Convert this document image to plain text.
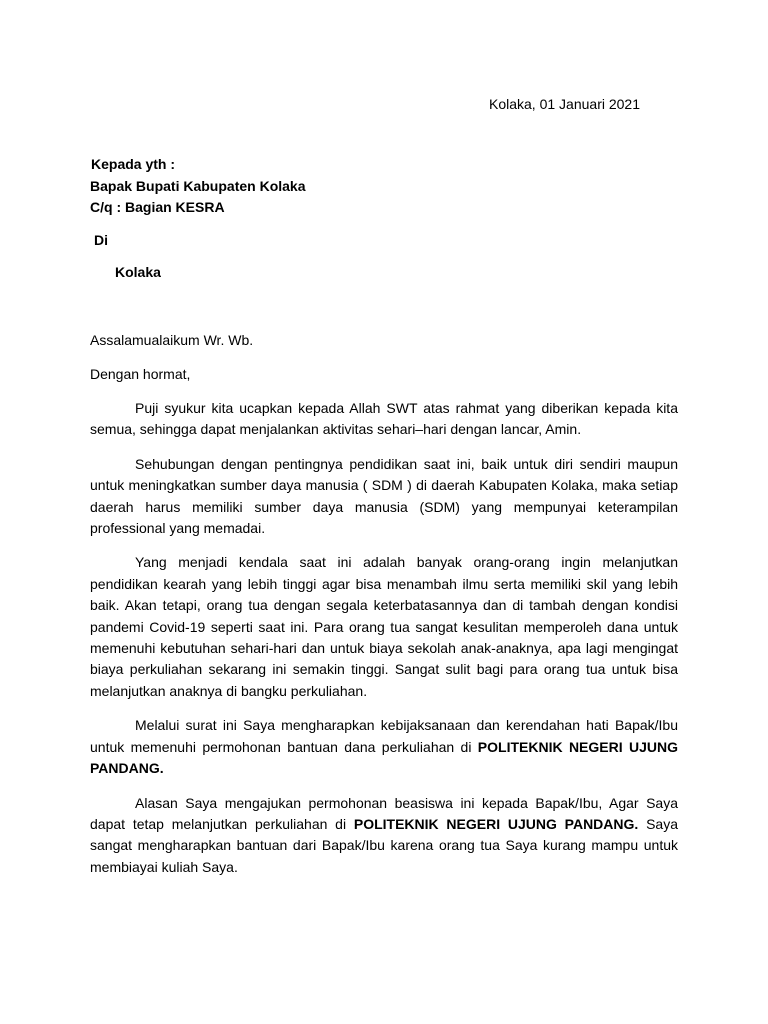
Kolaka, 01 Januari 2021
Kepada yth :
Bapak Bupati Kabupaten Kolaka
C/q : Bagian KESRA
Di
Kolaka
Assalamualaikum Wr. Wb.
Dengan hormat,

Puji syukur kita ucapkan kepada Allah SWT atas rahmat yang diberikan kepada kita semua, sehingga dapat menjalankan aktivitas sehari–hari dengan lancar, Amin.

Sehubungan dengan pentingnya pendidikan saat ini, baik untuk diri sendiri maupun untuk meningkatkan sumber daya manusia ( SDM ) di daerah Kabupaten Kolaka, maka setiap daerah harus memiliki sumber daya manusia (SDM) yang mempunyai keterampilan professional yang memadai.

Yang menjadi kendala saat ini adalah banyak orang-orang ingin melanjutkan pendidikan kearah yang lebih tinggi agar bisa menambah ilmu serta memiliki skil yang lebih baik. Akan tetapi, orang tua dengan segala keterbatasannya dan di tambah dengan kondisi pandemi Covid-19 seperti saat ini. Para orang tua sangat kesulitan memperoleh dana untuk memenuhi kebutuhan sehari-hari dan untuk biaya sekolah anak-anaknya, apa lagi mengingat biaya perkuliahan sekarang ini semakin tinggi. Sangat sulit bagi para orang tua untuk bisa melanjutkan anaknya di bangku perkuliahan.

Melalui surat ini Saya mengharapkan kebijaksanaan dan kerendahan hati Bapak/Ibu untuk memenuhi permohonan bantuan dana perkuliahan di POLITEKNIK NEGERI UJUNG PANDANG.

Alasan Saya mengajukan permohonan beasiswa ini kepada Bapak/Ibu, Agar Saya dapat tetap melanjutkan perkuliahan di POLITEKNIK NEGERI UJUNG PANDANG. Saya sangat mengharapkan bantuan dari Bapak/Ibu karena orang tua Saya kurang mampu untuk membiayai kuliah Saya.
